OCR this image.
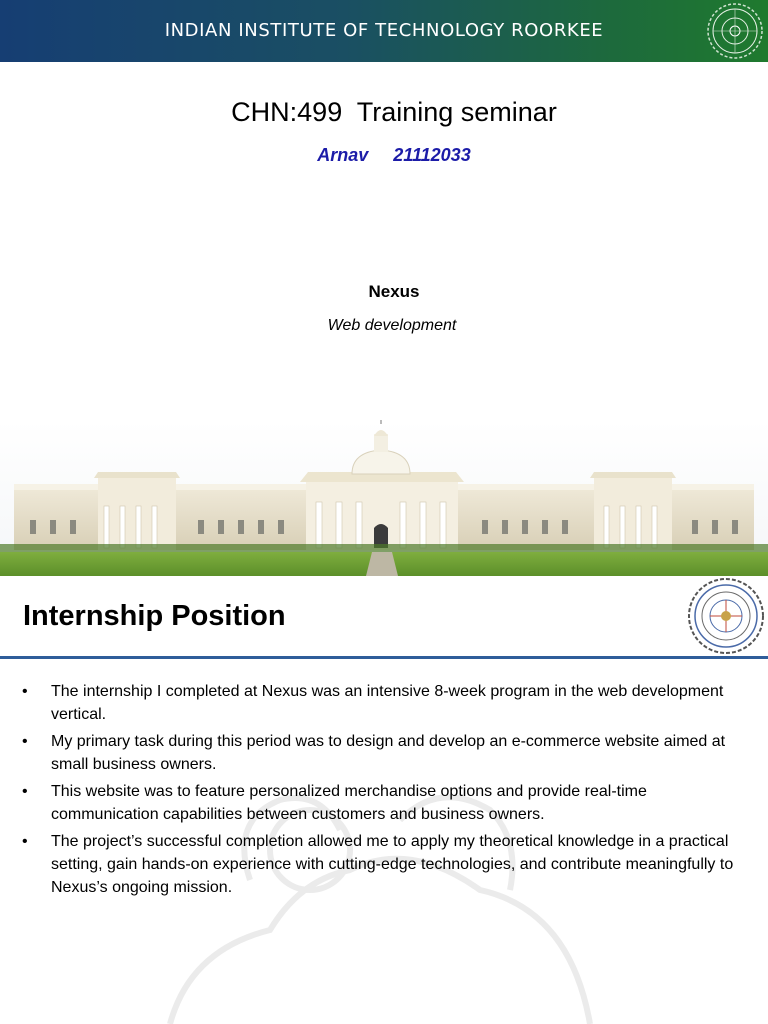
INDIAN INSTITUTE OF TECHNOLOGY ROORKEE
CHN:499  Training seminar
Arnav     21112033
Nexus
Web development
Internship Position
• The internship I completed at Nexus was an intensive 8-week program in the web development vertical.
• My primary task during this period was to design and develop an e-commerce website aimed at small business owners.
• This website was to feature personalized merchandise options and provide real-time communication capabilities between customers and business owners.
• The project’s successful completion allowed me to apply my theoretical knowledge in a practical setting, gain hands-on experience with cutting-edge technologies, and contribute meaningfully to Nexus’s ongoing mission.
